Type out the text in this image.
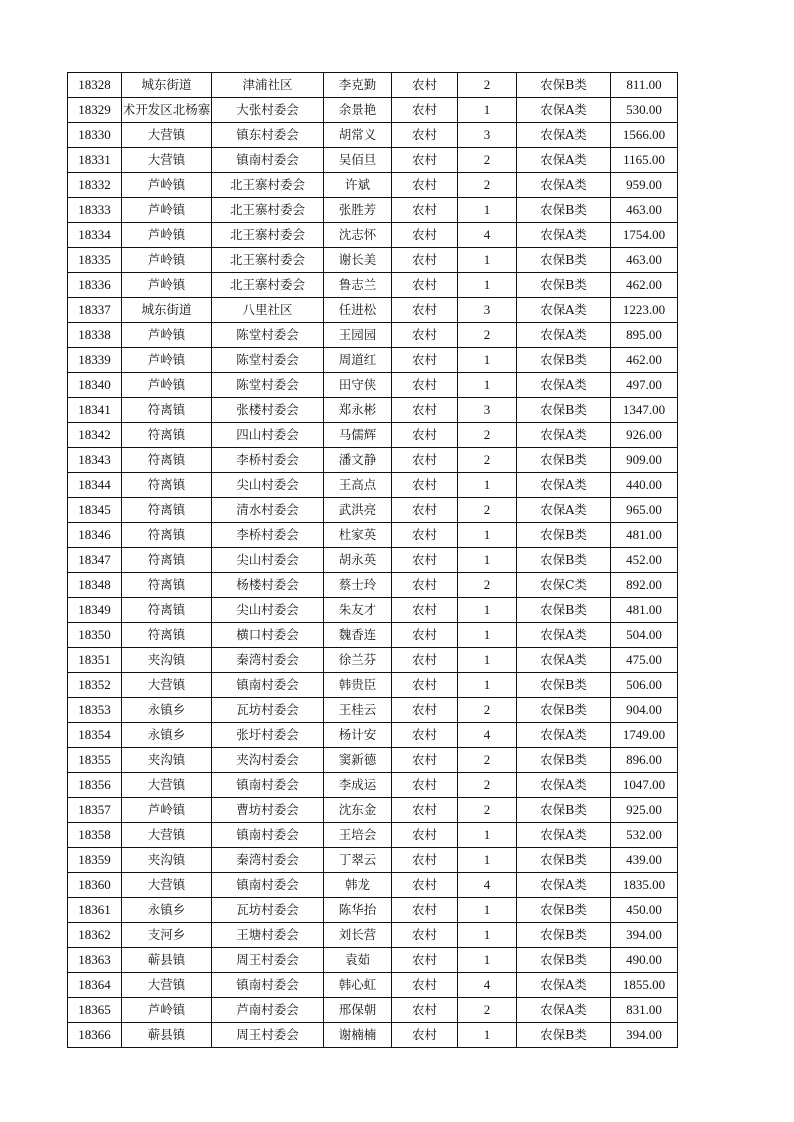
18328	城东街道	津浦社区	李克勤	农村	2	农保B类	811.00
18329	术开发区北杨寨	大张村委会	余景艳	农村	1	农保A类	530.00
18330	大营镇	镇东村委会	胡常义	农村	3	农保A类	1566.00
18331	大营镇	镇南村委会	吴佰旦	农村	2	农保A类	1165.00
18332	芦岭镇	北王寨村委会	许斌	农村	2	农保A类	959.00
18333	芦岭镇	北王寨村委会	张胜芳	农村	1	农保B类	463.00
18334	芦岭镇	北王寨村委会	沈志怀	农村	4	农保A类	1754.00
18335	芦岭镇	北王寨村委会	谢长美	农村	1	农保B类	463.00
18336	芦岭镇	北王寨村委会	鲁志兰	农村	1	农保B类	462.00
18337	城东街道	八里社区	任进松	农村	3	农保A类	1223.00
18338	芦岭镇	陈堂村委会	王园园	农村	2	农保A类	895.00
18339	芦岭镇	陈堂村委会	周道红	农村	1	农保B类	462.00
18340	芦岭镇	陈堂村委会	田守侠	农村	1	农保A类	497.00
18341	符离镇	张楼村委会	郑永彬	农村	3	农保B类	1347.00
18342	符离镇	四山村委会	马儒辉	农村	2	农保A类	926.00
18343	符离镇	李桥村委会	潘文静	农村	2	农保B类	909.00
18344	符离镇	尖山村委会	王高点	农村	1	农保A类	440.00
18345	符离镇	清水村委会	武洪亮	农村	2	农保A类	965.00
18346	符离镇	李桥村委会	杜家英	农村	1	农保B类	481.00
18347	符离镇	尖山村委会	胡永英	农村	1	农保B类	452.00
18348	符离镇	杨楼村委会	蔡士玲	农村	2	农保C类	892.00
18349	符离镇	尖山村委会	朱友才	农村	1	农保B类	481.00
18350	符离镇	横口村委会	魏香连	农村	1	农保A类	504.00
18351	夹沟镇	秦湾村委会	徐兰芬	农村	1	农保A类	475.00
18352	大营镇	镇南村委会	韩贵臣	农村	1	农保B类	506.00
18353	永镇乡	瓦坊村委会	王桂云	农村	2	农保B类	904.00
18354	永镇乡	张圩村委会	杨计安	农村	4	农保A类	1749.00
18355	夹沟镇	夹沟村委会	窦新德	农村	2	农保B类	896.00
18356	大营镇	镇南村委会	李成运	农村	2	农保A类	1047.00
18357	芦岭镇	曹坊村委会	沈东金	农村	2	农保B类	925.00
18358	大营镇	镇南村委会	王培会	农村	1	农保A类	532.00
18359	夹沟镇	秦湾村委会	丁翠云	农村	1	农保B类	439.00
18360	大营镇	镇南村委会	韩龙	农村	4	农保A类	1835.00
18361	永镇乡	瓦坊村委会	陈华抬	农村	1	农保B类	450.00
18362	支河乡	王塘村委会	刘长营	农村	1	农保B类	394.00
18363	蕲县镇	周王村委会	袁茹	农村	1	农保B类	490.00
18364	大营镇	镇南村委会	韩心虹	农村	4	农保A类	1855.00
18365	芦岭镇	芦南村委会	邢保朝	农村	2	农保A类	831.00
18366	蕲县镇	周王村委会	谢楠楠	农村	1	农保B类	394.00
